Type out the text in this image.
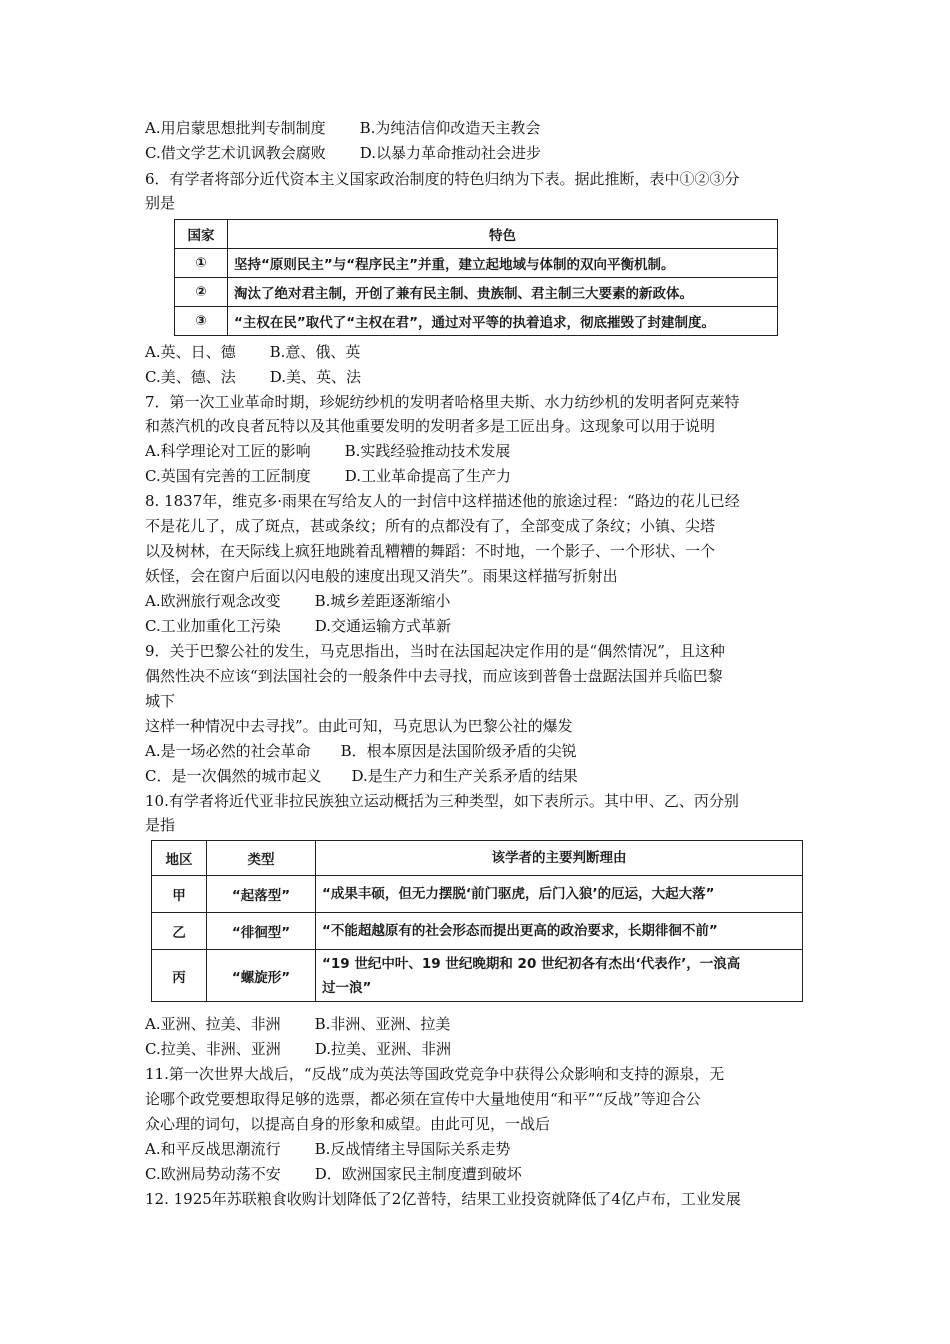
A.用启蒙思想批判专制制度 B.为纯洁信仰改造天主教会
C.借文学艺术讥讽教会腐败 D.以暴力革命推动社会进步
6．有学者将部分近代资本主义国家政治制度的特色归纳为下表。据此推断，表中①②③分
别是
国家	特色
①	坚持“原则民主”与“程序民主”并重，建立起地域与体制的双向平衡机制。
②	淘汰了绝对君主制，开创了兼有民主制、贵族制、君主制三大要素的新政体。
③	“主权在民”取代了“主权在君”，通过对平等的执着追求，彻底摧毁了封建制度。
A.英、日、德 B.意、俄、英
C.美、德、法 D.美、英、法
7．第一次工业革命时期，珍妮纺纱机的发明者哈格里夫斯、水力纺纱机的发明者阿克莱特
和蒸汽机的改良者瓦特以及其他重要发明的发明者多是工匠出身。这现象可以用于说明
A.科学理论对工匠的影响 B.实践经验推动技术发展
C.英国有完善的工匠制度 D.工业革命提高了生产力
8. 1837年，维克多·雨果在写给友人的一封信中这样描述他的旅途过程：“路边的花儿已经
不是花儿了，成了斑点，甚或条纹；所有的点都没有了，全部变成了条纹；小镇、尖塔
以及树林，在天际线上疯狂地跳着乱糟糟的舞蹈：不时地，一个影子、一个形状、一个
妖怪，会在窗户后面以闪电般的速度出现又消失”。雨果这样描写折射出
A.欧洲旅行观念改变 B.城乡差距逐渐缩小
C.工业加重化工污染 D.交通运输方式革新
9．关于巴黎公社的发生，马克思指出，当时在法国起决定作用的是“偶然情况”，且这种
偶然性决不应该“到法国社会的一般条件中去寻找，而应该到普鲁士盘踞法国并兵临巴黎
城下
这样一种情况中去寻找”。由此可知，马克思认为巴黎公社的爆发
A.是一场必然的社会革命 B．根本原因是法国阶级矛盾的尖锐
C．是一次偶然的城市起义 D.是生产力和生产关系矛盾的结果
10.有学者将近代亚非拉民族独立运动概括为三种类型，如下表所示。其中甲、乙、丙分别
是指
地区	类型	该学者的主要判断理由
甲	“起落型”	“成果丰硕，但无力摆脱‘前门驱虎，后门入狼’的厄运，大起大落”
乙	“徘徊型”	“不能超越原有的社会形态而提出更高的政治要求，长期徘徊不前”
丙	“螺旋形”	“19 世纪中叶、19 世纪晚期和 20 世纪初各有杰出‘代表作’，一浪高
过一浪”
A.亚洲、拉美、非洲 B.非洲、亚洲、拉美
C.拉美、非洲、亚洲 D.拉美、亚洲、非洲
11.第一次世界大战后，“反战”成为英法等国政党竞争中获得公众影响和支持的源泉，无
论哪个政党要想取得足够的选票，都必须在宣传中大量地使用“和平”“反战”等迎合公
众心理的词句，以提高自身的形象和威望。由此可见，一战后
A.和平反战思潮流行 B.反战情绪主导国际关系走势
C.欧洲局势动荡不安 D．欧洲国家民主制度遭到破坏
12. 1925年苏联粮食收购计划降低了2亿普特，结果工业投资就降低了4亿卢布，工业发展
